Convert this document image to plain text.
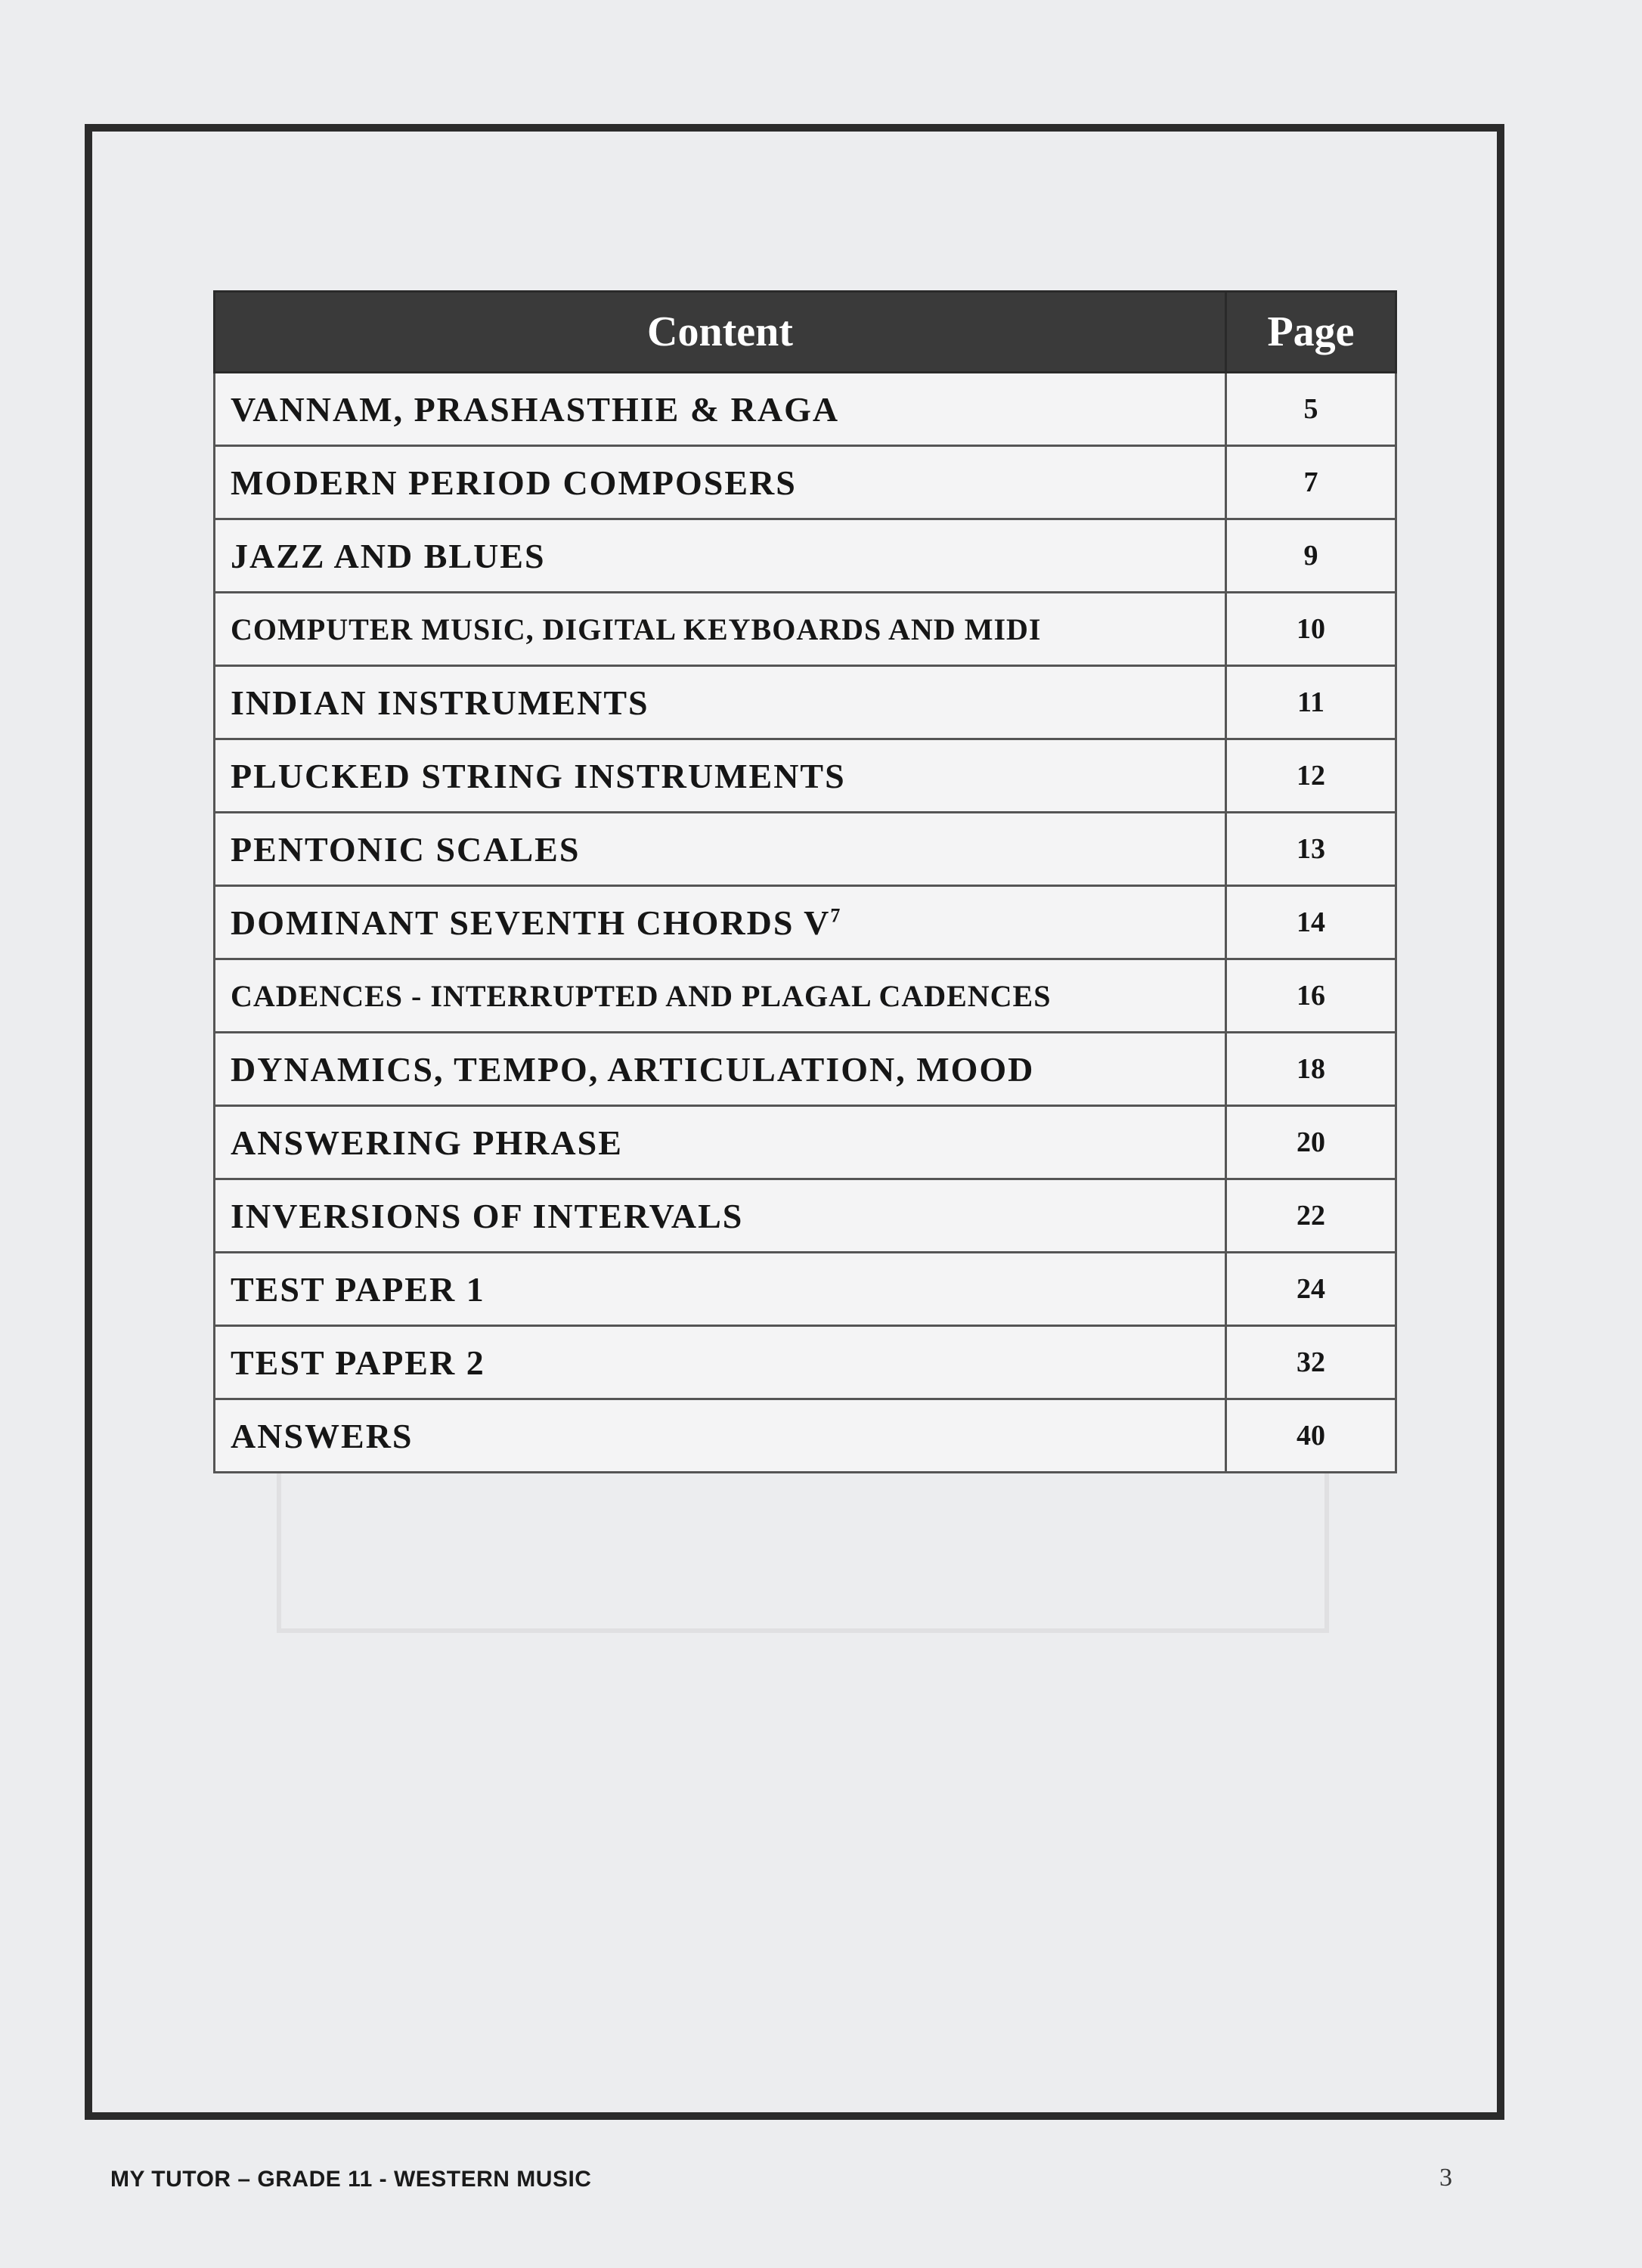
Content	Page
VANNAM, PRASHASTHIE & RAGA	5
MODERN PERIOD COMPOSERS	7
JAZZ AND BLUES	9
COMPUTER MUSIC, DIGITAL KEYBOARDS AND MIDI	10
INDIAN INSTRUMENTS	11
PLUCKED STRING INSTRUMENTS	12
PENTONIC SCALES	13
DOMINANT SEVENTH CHORDS $V^7$	14
CADENCES - INTERRUPTED AND PLAGAL CADENCES	16
DYNAMICS, TEMPO, ARTICULATION, MOOD	18
ANSWERING PHRASE	20
INVERSIONS OF INTERVALS	22
TEST PAPER 1	24
TEST PAPER 2	32
ANSWERS	40
MY TUTOR – GRADE 11 - WESTERN MUSIC	3
